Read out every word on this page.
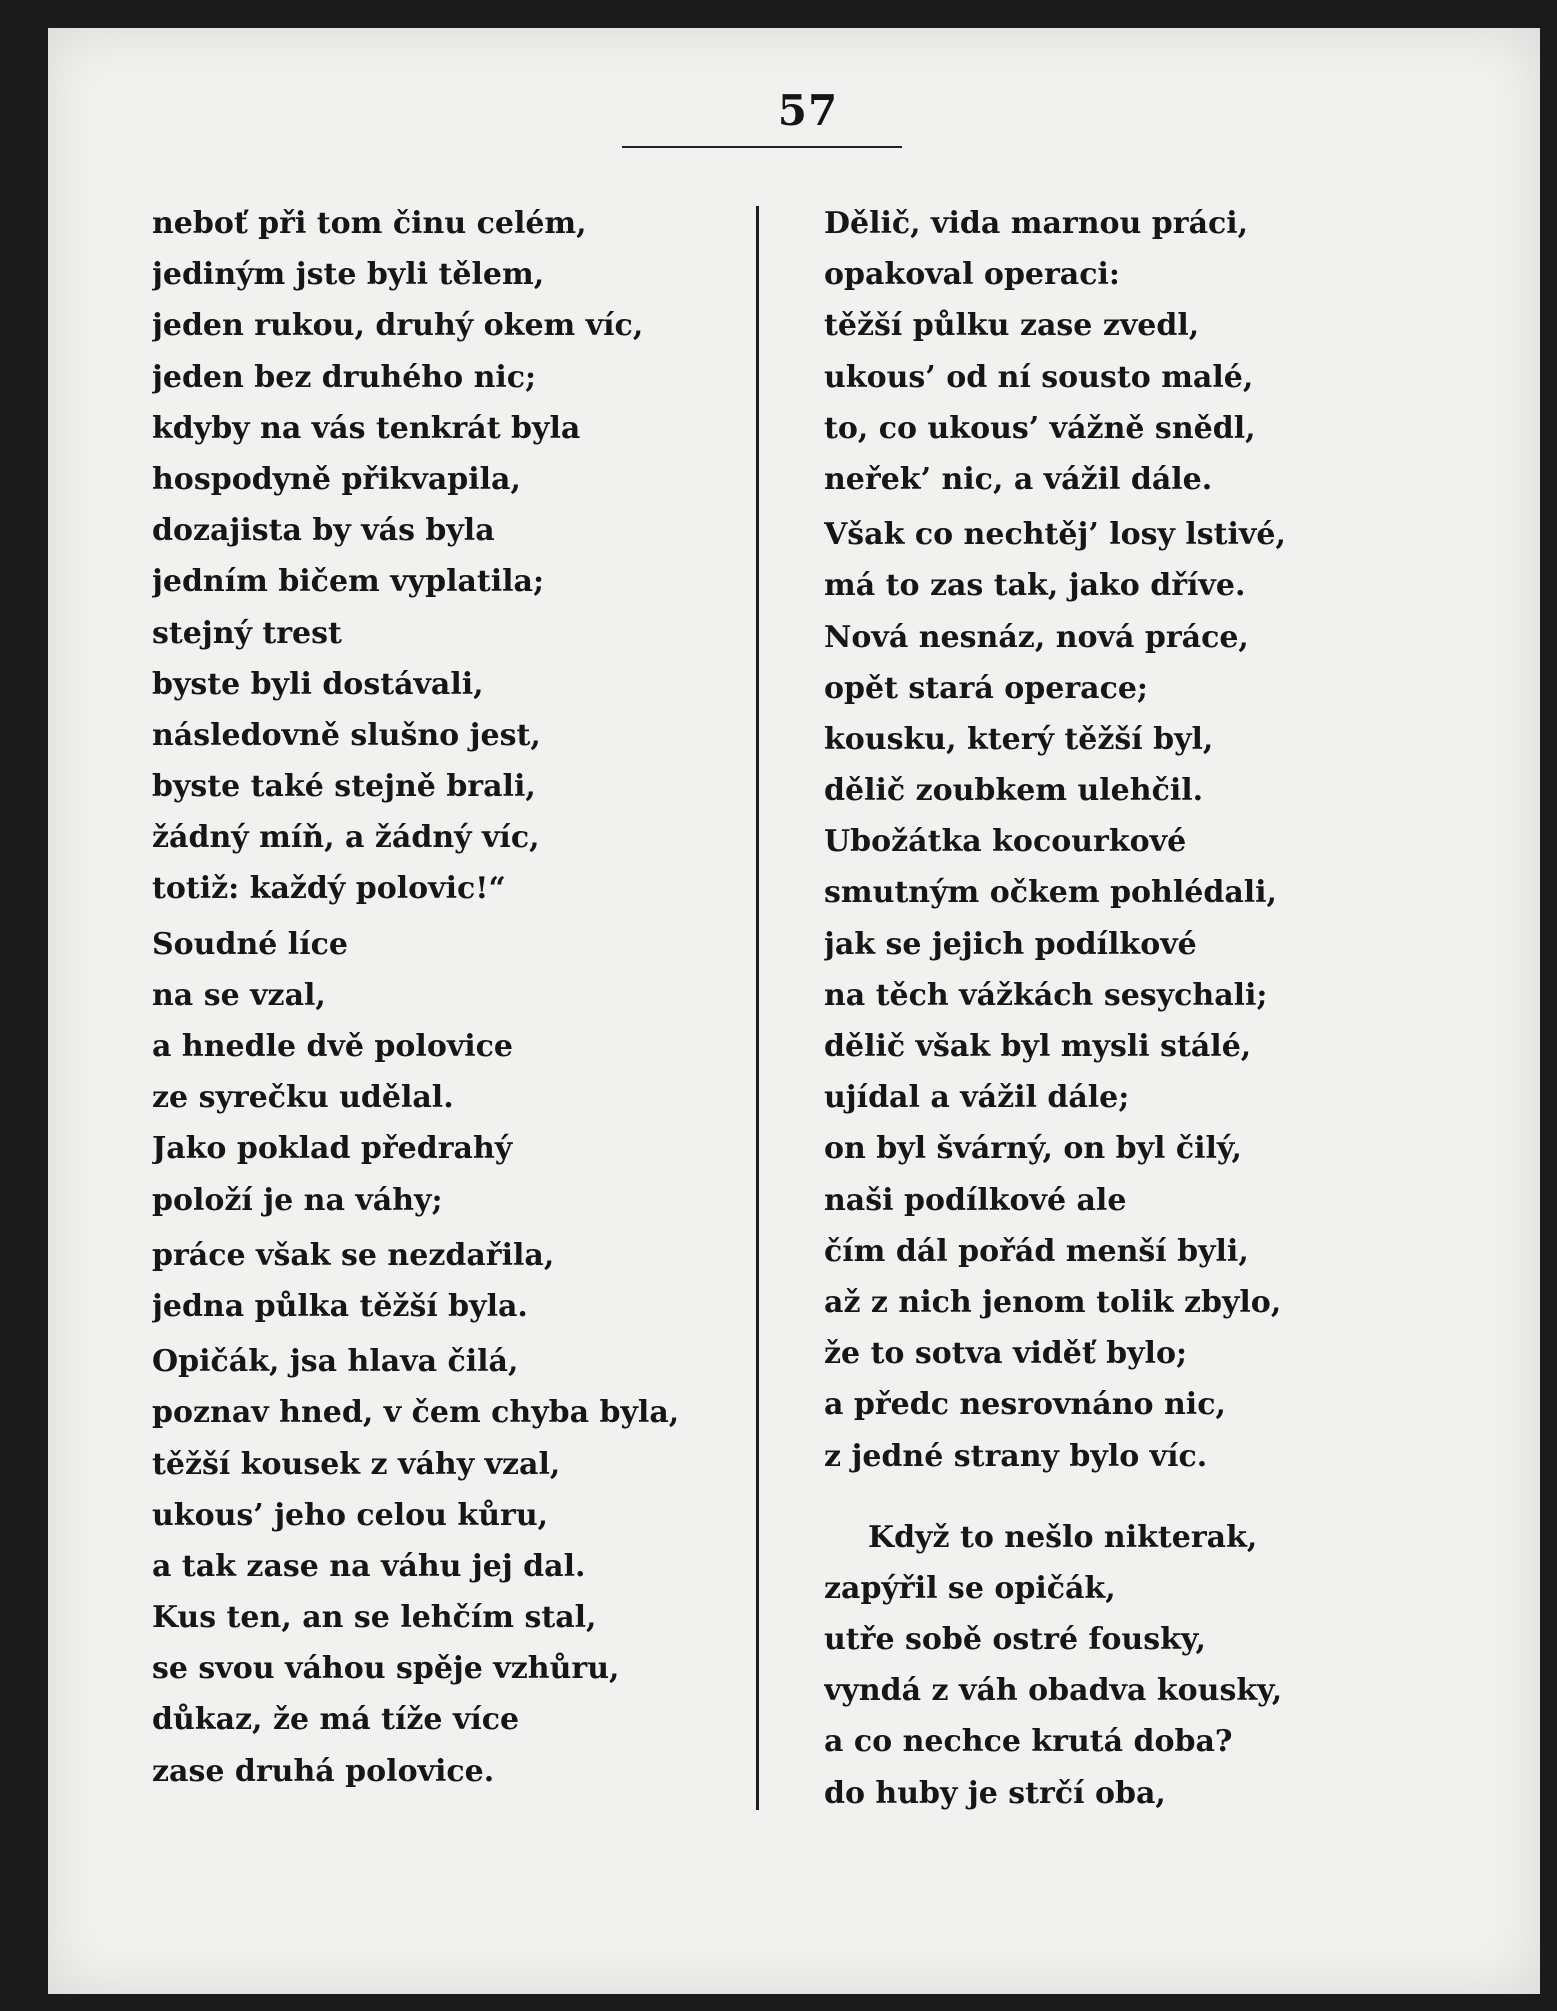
57
neboť při tom činu celém,
jediným jste byli tělem,
jeden rukou, druhý okem víc,
jeden bez druhého nic;
kdyby na vás tenkrát byla
hospodyně přikvapila,
dozajista by vás byla
jedním bičem vyplatila;
stejný trest
byste byli dostávali,
následovně slušno jest,
byste také stejně brali,
žádný míň, a žádný víc,
totiž: každý polovic!“
Soudné líce
na se vzal,
a hnedle dvě polovice
ze syrečku udělal.
Jako poklad předrahý
položí je na váhy;
práce však se nezdařila,
jedna půlka těžší byla.
Opičák, jsa hlava čilá,
poznav hned, v čem chyba byla,
těžší kousek z váhy vzal,
ukous’ jeho celou kůru,
a tak zase na váhu jej dal.
Kus ten, an se lehčím stal,
se svou váhou spěje vzhůru,
důkaz, že má tíže více
zase druhá polovice.
Dělič, vida marnou práci,
opakoval operaci:
těžší půlku zase zvedl,
ukous’ od ní sousto malé,
to, co ukous’ vážně snědl,
neřek’ nic, a vážil dále.
Však co nechtěj’ losy lstivé,
má to zas tak, jako dříve.
Nová nesnáz, nová práce,
opět stará operace;
kousku, který těžší byl,
dělič zoubkem ulehčil.
Ubožátka kocourkové
smutným očkem pohlédali,
jak se jejich podílkové
na těch vážkách sesychali;
dělič však byl mysli stálé,
ujídal a vážil dále;
on byl švárný, on byl čilý,
naši podílkové ale
čím dál pořád menší byli,
až z nich jenom tolik zbylo,
že to sotva viděť bylo;
a předc nesrovnáno nic,
z jedné strany bylo víc.
Když to nešlo nikterak,
zapýřil se opičák,
utře sobě ostré fousky,
vyndá z váh obadva kousky,
a co nechce krutá doba?
do huby je strčí oba,
